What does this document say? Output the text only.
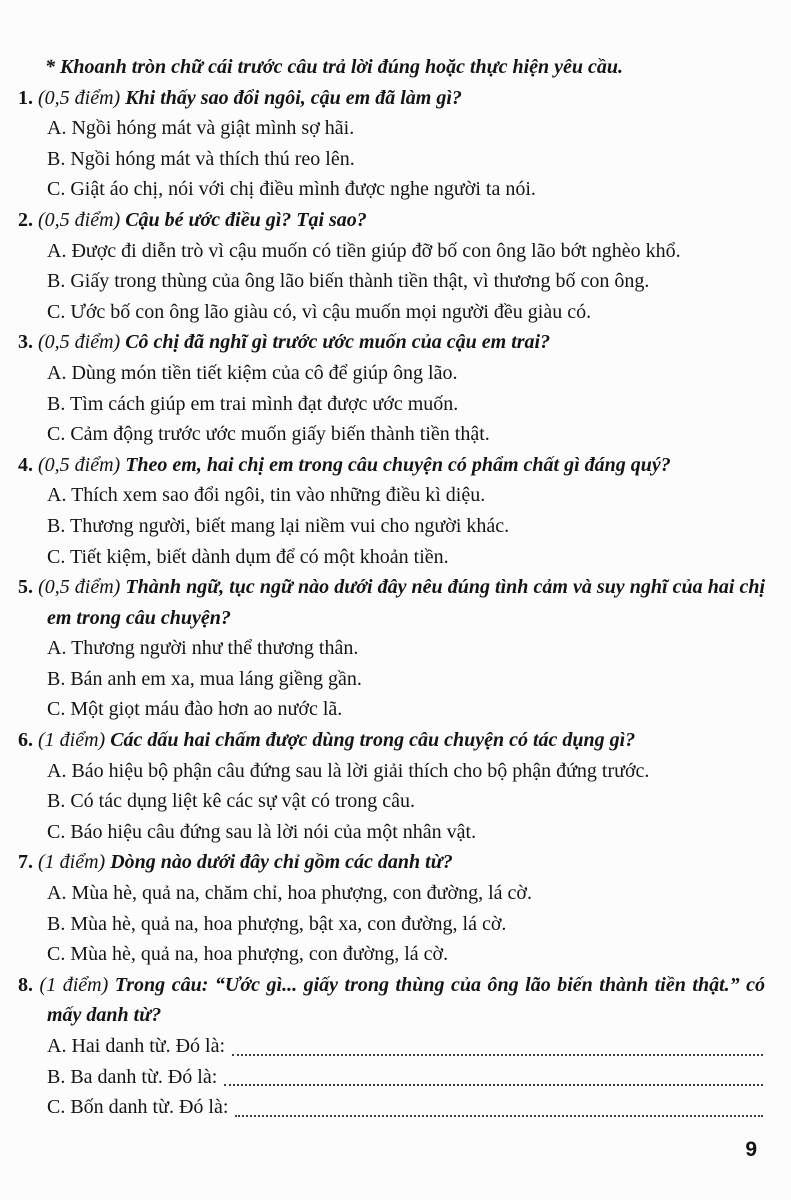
* Khoanh tròn chữ cái trước câu trả lời đúng hoặc thực hiện yêu cầu.

1. (0,5 điểm) Khi thấy sao đổi ngôi, cậu em đã làm gì?

A. Ngồi hóng mát và giật mình sợ hãi.

B. Ngồi hóng mát và thích thú reo lên.

C. Giật áo chị, nói với chị điều mình được nghe người ta nói.

2. (0,5 điểm) Cậu bé ước điều gì? Tại sao?

A. Được đi diễn trò vì cậu muốn có tiền giúp đỡ bố con ông lão bớt nghèo khổ.

B. Giấy trong thùng của ông lão biến thành tiền thật, vì thương bố con ông.

C. Ước bố con ông lão giàu có, vì cậu muốn mọi người đều giàu có.

3. (0,5 điểm) Cô chị đã nghĩ gì trước ước muốn của cậu em trai?

A. Dùng món tiền tiết kiệm của cô để giúp ông lão.

B. Tìm cách giúp em trai mình đạt được ước muốn.

C. Cảm động trước ước muốn giấy biến thành tiền thật.

4. (0,5 điểm) Theo em, hai chị em trong câu chuyện có phẩm chất gì đáng quý?

A. Thích xem sao đổi ngôi, tin vào những điều kì diệu.

B. Thương người, biết mang lại niềm vui cho người khác.

C. Tiết kiệm, biết dành dụm để có một khoản tiền.

5. (0,5 điểm) Thành ngữ, tục ngữ nào dưới đây nêu đúng tình cảm và suy nghĩ của hai chị em trong câu chuyện?

A. Thương người như thể thương thân.

B. Bán anh em xa, mua láng giềng gần.

C. Một giọt máu đào hơn ao nước lã.

6. (1 điểm) Các dấu hai chấm được dùng trong câu chuyện có tác dụng gì?

A. Báo hiệu bộ phận câu đứng sau là lời giải thích cho bộ phận đứng trước.

B. Có tác dụng liệt kê các sự vật có trong câu.

C. Báo hiệu câu đứng sau là lời nói của một nhân vật.

7. (1 điểm) Dòng nào dưới đây chỉ gồm các danh từ?

A. Mùa hè, quả na, chăm chỉ, hoa phượng, con đường, lá cờ.

B. Mùa hè, quả na, hoa phượng, bật xa, con đường, lá cờ.

C. Mùa hè, quả na, hoa phượng, con đường, lá cờ.

8. (1 điểm) Trong câu: “Ước gì... giấy trong thùng của ông lão biến thành tiền thật.” có mấy danh từ?

A. Hai danh từ. Đó là:

B. Ba danh từ. Đó là:

C. Bốn danh từ. Đó là:

9
